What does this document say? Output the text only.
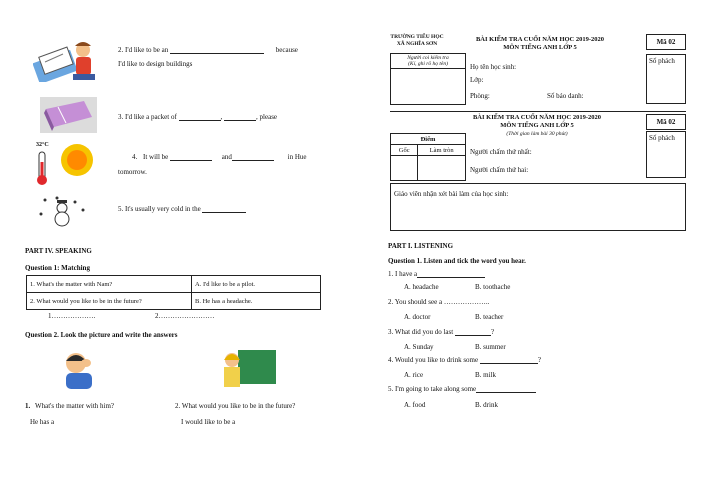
2. I'd like to be an	because
I'd like to design buildings
3. I'd like a packet of	,	, please
32°C
4. It will be	and	in Hue
tomorrow.
5. It's usually very cold in the
PART IV. SPEAKING
Question 1: Matching
1. What's the matter with Nam?	A. I'd like to be a pilot.
2. What would you like to be in the future?	B. He has a headache.
1……………….	2……………………
Question 2. Look the picture and write the answers
1. What's the matter with him?
He has a
2. What would you like to be in the future?
I would like to be a
TRƯỜNG TIỂU HỌC
XÃ NGHĨA SƠN
BÀI KIỂM TRA CUỐI NĂM HỌC 2019-2020
MÔN TIẾNG ANH LỚP 5
Mã 02
Người coi kiểm tra
(Kí, ghi rõ họ tên)	Họ tên học sinh:
Lớp:
Phòng:	Số báo danh:
Số phách
BÀI KIỂM TRA CUỐI NĂM HỌC 2019-2020
MÔN TIẾNG ANH LỚP 5
(Thời gian làm bài 30 phút)
Mã 02
Số phách
Điểm	
Gốc	Làm tròn
	Người chấm thứ nhất:
Người chấm thứ hai:
Giáo viên nhận xét bài làm của học sinh:
PART I. LISTENING
Question 1. Listen and tick the word you hear.
1. I have a
A. headache	B. toothache
2. You should see a ………………..
A. doctor	B. teacher
3. What did you do last	?
A. Sunday	B. summer
4. Would you like to drink some	?
A. rice	B. milk
5. I'm going to take along some
A. food	B. drink
